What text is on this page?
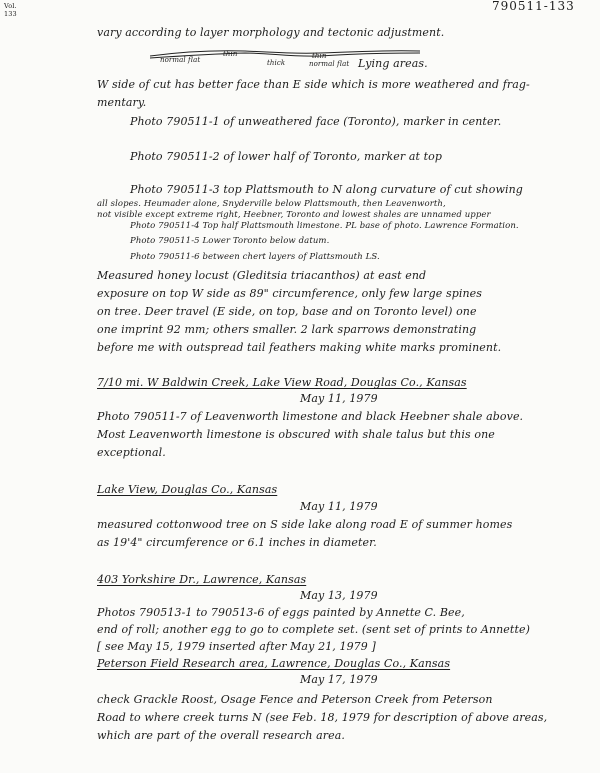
Vol.
133
790511-133
vary according to layer morphology and tectonic adjustment.
normal flat
thin
thick
thin
normal flat Lying areas.
W side of cut has better face than E side which is more weathered and frag-
mentary.
Photo 790511-1 of unweathered face (Toronto), marker in center.
Photo 790511-2 of lower half of Toronto, marker at top
Photo 790511-3 top Plattsmouth to N along curvature of cut showing
all slopes. Heumader alone, Snyderville below Plattsmouth, then Leavenworth,
not visible except extreme right, Heebner, Toronto and lowest shales are unnamed upper
Photo 790511-4 Top half Plattsmouth limestone. PL base of photo. Lawrence Formation.
Photo 790511-5 Lower Toronto below datum.
Photo 790511-6 between chert layers of Plattsmouth LS.
Measured honey locust (Gleditsia triacanthos) at east end
exposure on top W side as 89" circumference, only few large spines
on tree. Deer travel (E side, on top, base and on Toronto level) one
one imprint 92 mm; others smaller. 2 lark sparrows demonstrating
before me with outspread tail feathers making white marks prominent.
7/10 mi. W Baldwin Creek, Lake View Road, Douglas Co., Kansas
May 11, 1979
Photo 790511-7 of Leavenworth limestone and black Heebner shale above.
Most Leavenworth limestone is obscured with shale talus but this one
exceptional.
Lake View, Douglas Co., Kansas
May 11, 1979
measured cottonwood tree on S side lake along road E of summer homes
as 19'4" circumference or 6.1 inches in diameter.
403 Yorkshire Dr., Lawrence, Kansas
May 13, 1979
Photos 790513-1 to 790513-6 of eggs painted by Annette C. Bee,
end of roll; another egg to go to complete set. (sent set of prints to Annette)
[ see May 15, 1979 inserted after May 21, 1979 ]
Peterson Field Research area, Lawrence, Douglas Co., Kansas
May 17, 1979
check Grackle Roost, Osage Fence and Peterson Creek from Peterson
Road to where creek turns N (see Feb. 18, 1979 for description of above areas,
which are part of the overall research area.
